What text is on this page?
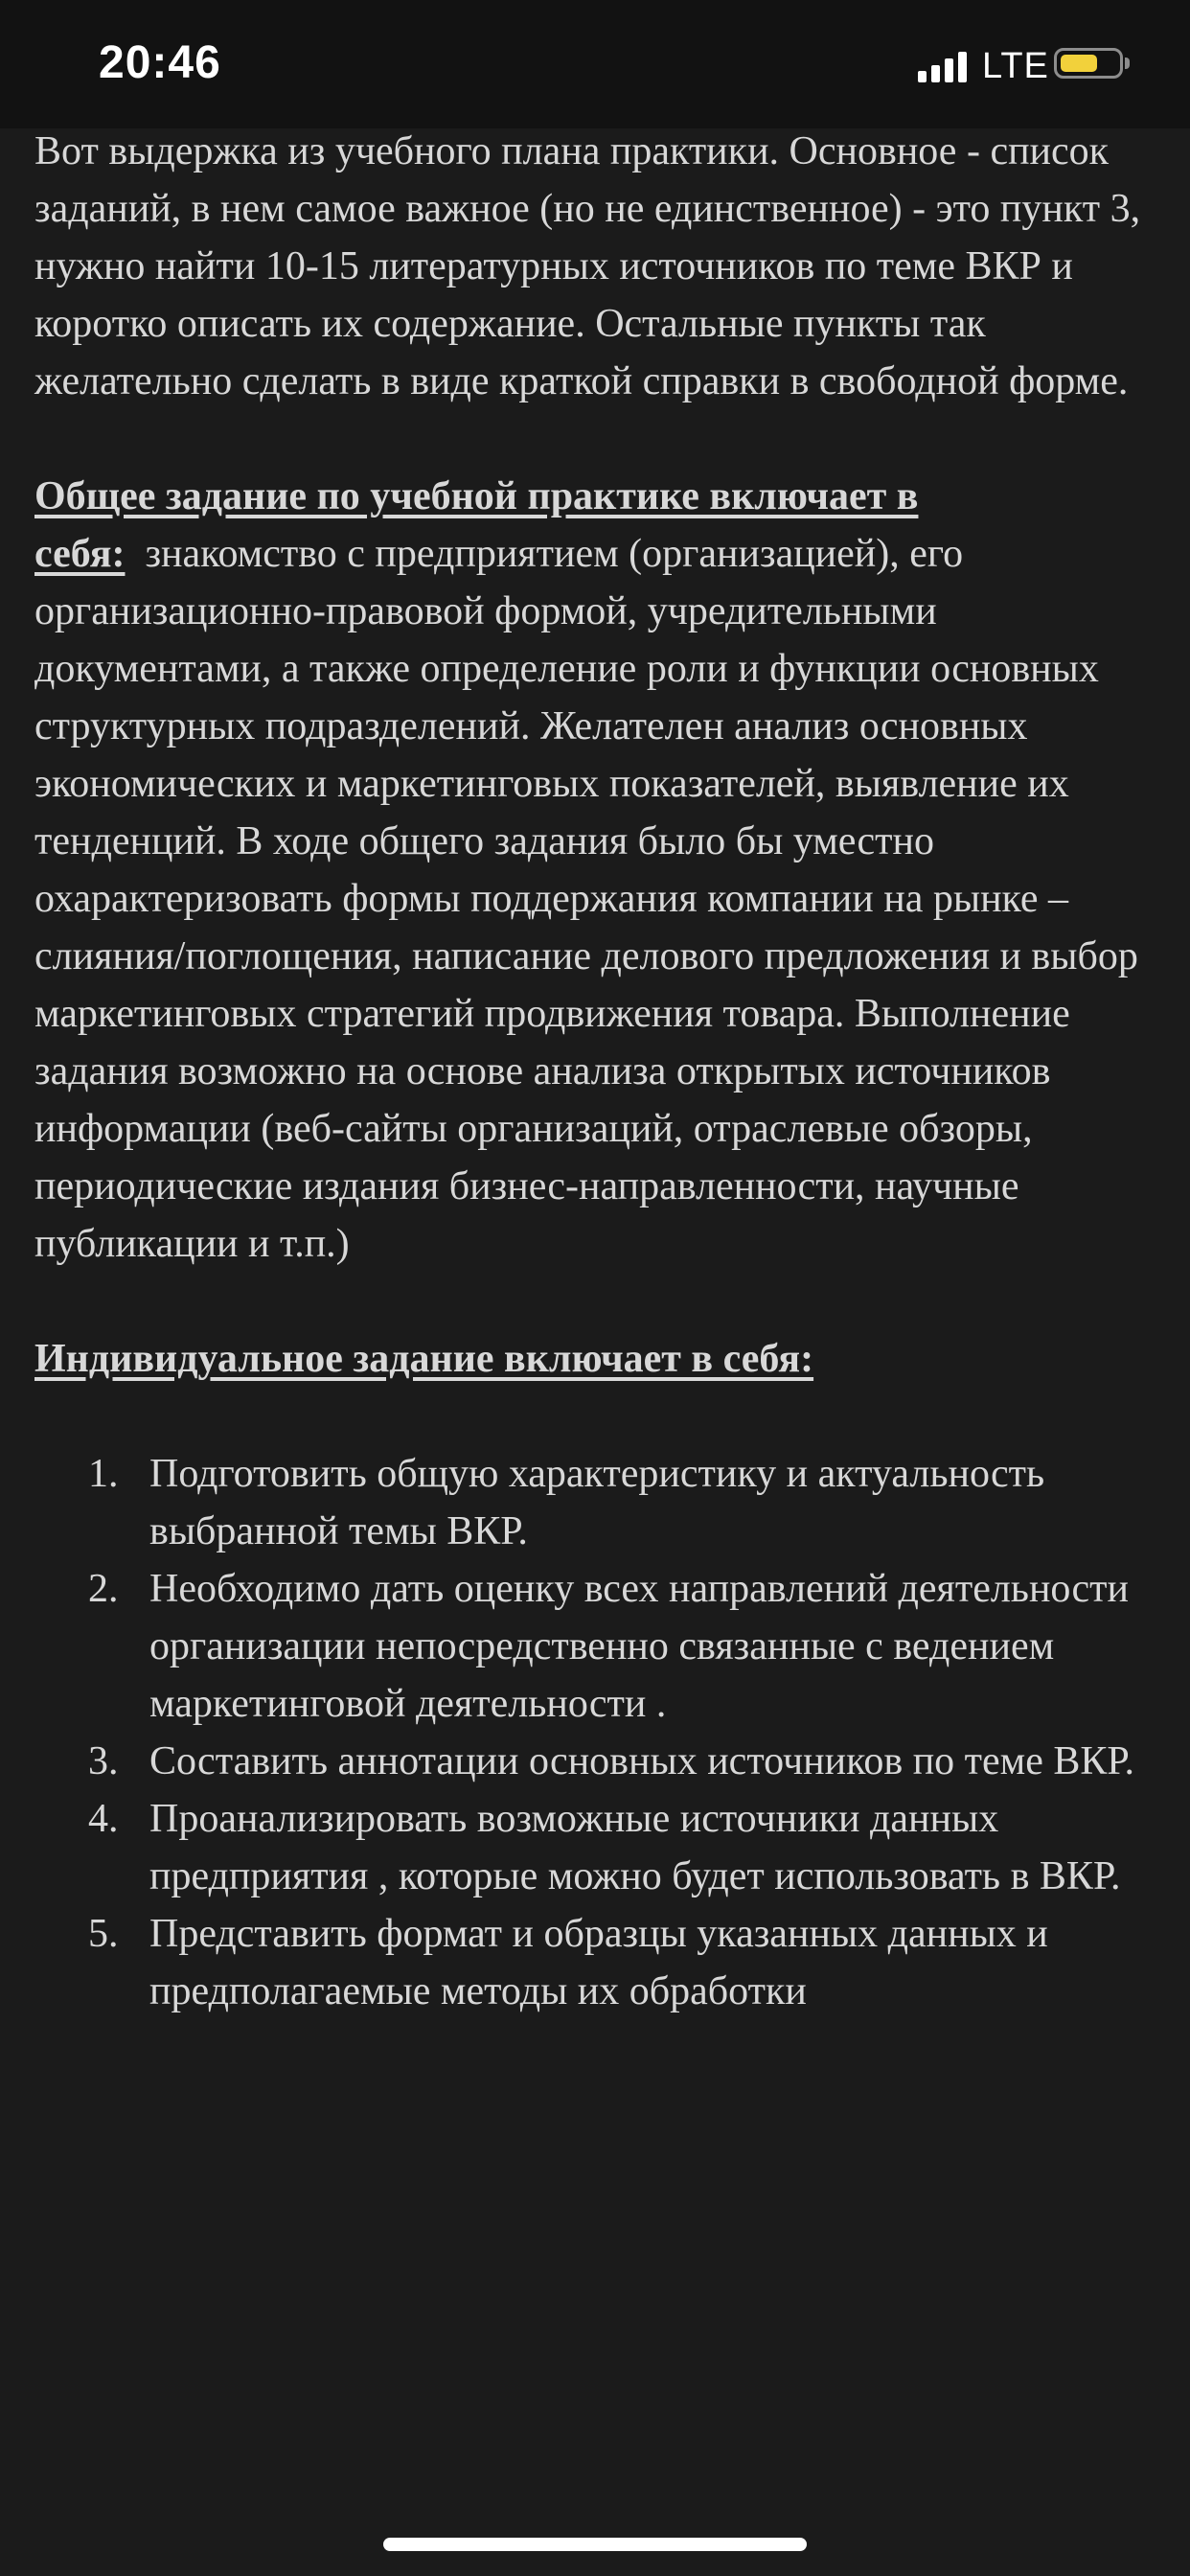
20:46	LTE

Вот выдержка из учебного плана практики. Основное - список заданий, в нем самое важное (но не единственное) - это пункт 3, нужно найти 10-15 литературных источников по теме ВКР и коротко описать их содержание. Остальные пункты так желательно сделать в виде краткой справки в свободной форме.

Общее задание по учебной практике включает в себя: знакомство с предприятием (организацией), его организационно-правовой формой, учредительными документами, а также определение роли и функции основных структурных подразделений. Желателен анализ основных экономических и маркетинговых показателей, выявление их тенденций. В ходе общего задания было бы уместно охарактеризовать формы поддержания компании на рынке –слияния/поглощения, написание делового предложения и выбор маркетинговых стратегий продвижения товара. Выполнение задания возможно на основе анализа открытых источников информации (веб-сайты организаций, отраслевые обзоры, периодические издания бизнес-направленности, научные публикации и т.п.)

Индивидуальное задание включает в себя:

1. Подготовить общую характеристику и актуальность выбранной темы ВКР.
2. Необходимо дать оценку всех направлений деятельности организации непосредственно связанные с ведением маркетинговой деятельности .
3. Составить аннотации основных источников по теме ВКР.
4. Проанализировать возможные источники данных предприятия , которые можно будет использовать в ВКР.
5. Представить формат и образцы указанных данных и предполагаемые методы их обработки
